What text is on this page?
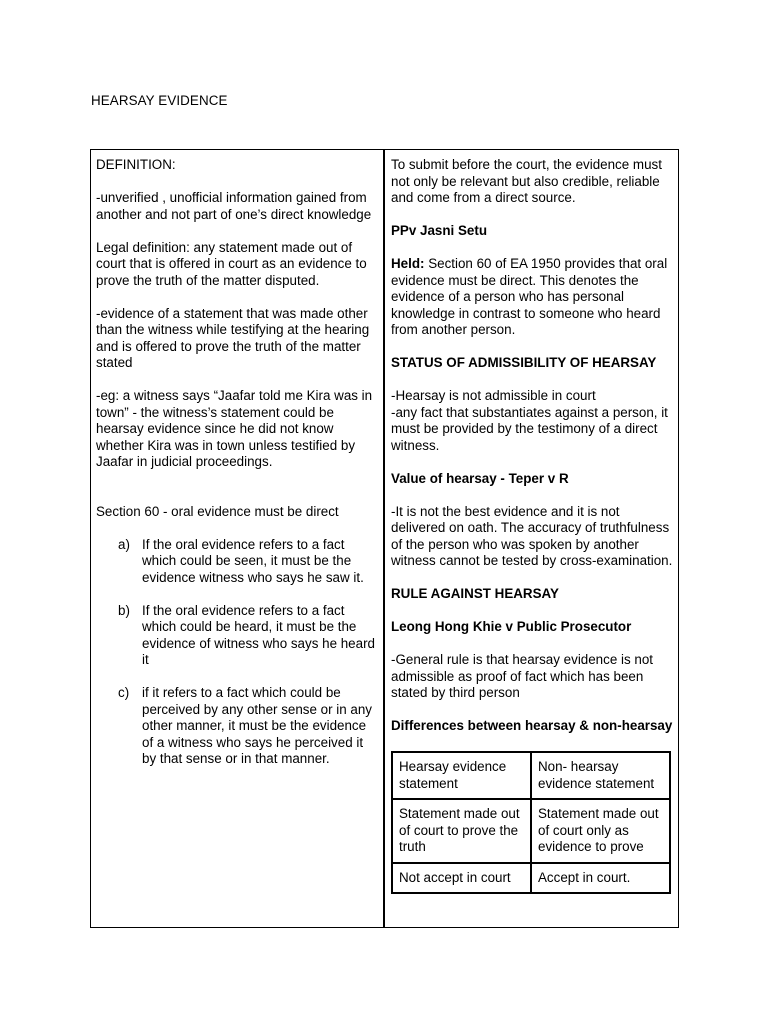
HEARSAY EVIDENCE

DEFINITION:

-unverified , unofficial information gained from another and not part of one’s direct knowledge

Legal definition: any statement made out of court that is offered in court as an evidence to prove the truth of the matter disputed.

-evidence of a statement that was made other than the witness while testifying at the hearing and is offered to prove the truth of the matter stated

-eg: a witness says “Jaafar told me Kira was in town” - the witness’s statement could be hearsay evidence since he did not know whether Kira was in town unless testified by Jaafar in judicial proceedings.

Section 60 - oral evidence must be direct

a) If the oral evidence refers to a fact which could be seen, it must be the evidence witness who says he saw it.
b) If the oral evidence refers to a fact which could be heard, it must be the evidence of witness who says he heard it
c) if it refers to a fact which could be perceived by any other sense or in any other manner, it must be the evidence of a witness who says he perceived it by that sense or in that manner.

To submit before the court, the evidence must not only be relevant but also credible, reliable and come from a direct source.

PPv Jasni Setu

Held: Section 60 of EA 1950 provides that oral evidence must be direct. This denotes the evidence of a person who has personal knowledge in contrast to someone who heard from another person.

STATUS OF ADMISSIBILITY OF HEARSAY

-Hearsay is not admissible in court
-any fact that substantiates against a person, it must be provided by the testimony of a direct witness.

Value of hearsay - Teper v R

-It is not the best evidence and it is not delivered on oath. The accuracy of truthfulness of the person who was spoken by another witness cannot be tested by cross-examination.

RULE AGAINST HEARSAY

Leong Hong Khie v Public Prosecutor

-General rule is that hearsay evidence is not admissible as proof of fact which has been stated by third person

Differences between hearsay & non-hearsay

Hearsay evidence statement	Non- hearsay evidence statement
Statement made out of court to prove the truth	Statement made out of court only as evidence to prove
Not accept in court	Accept in court.
